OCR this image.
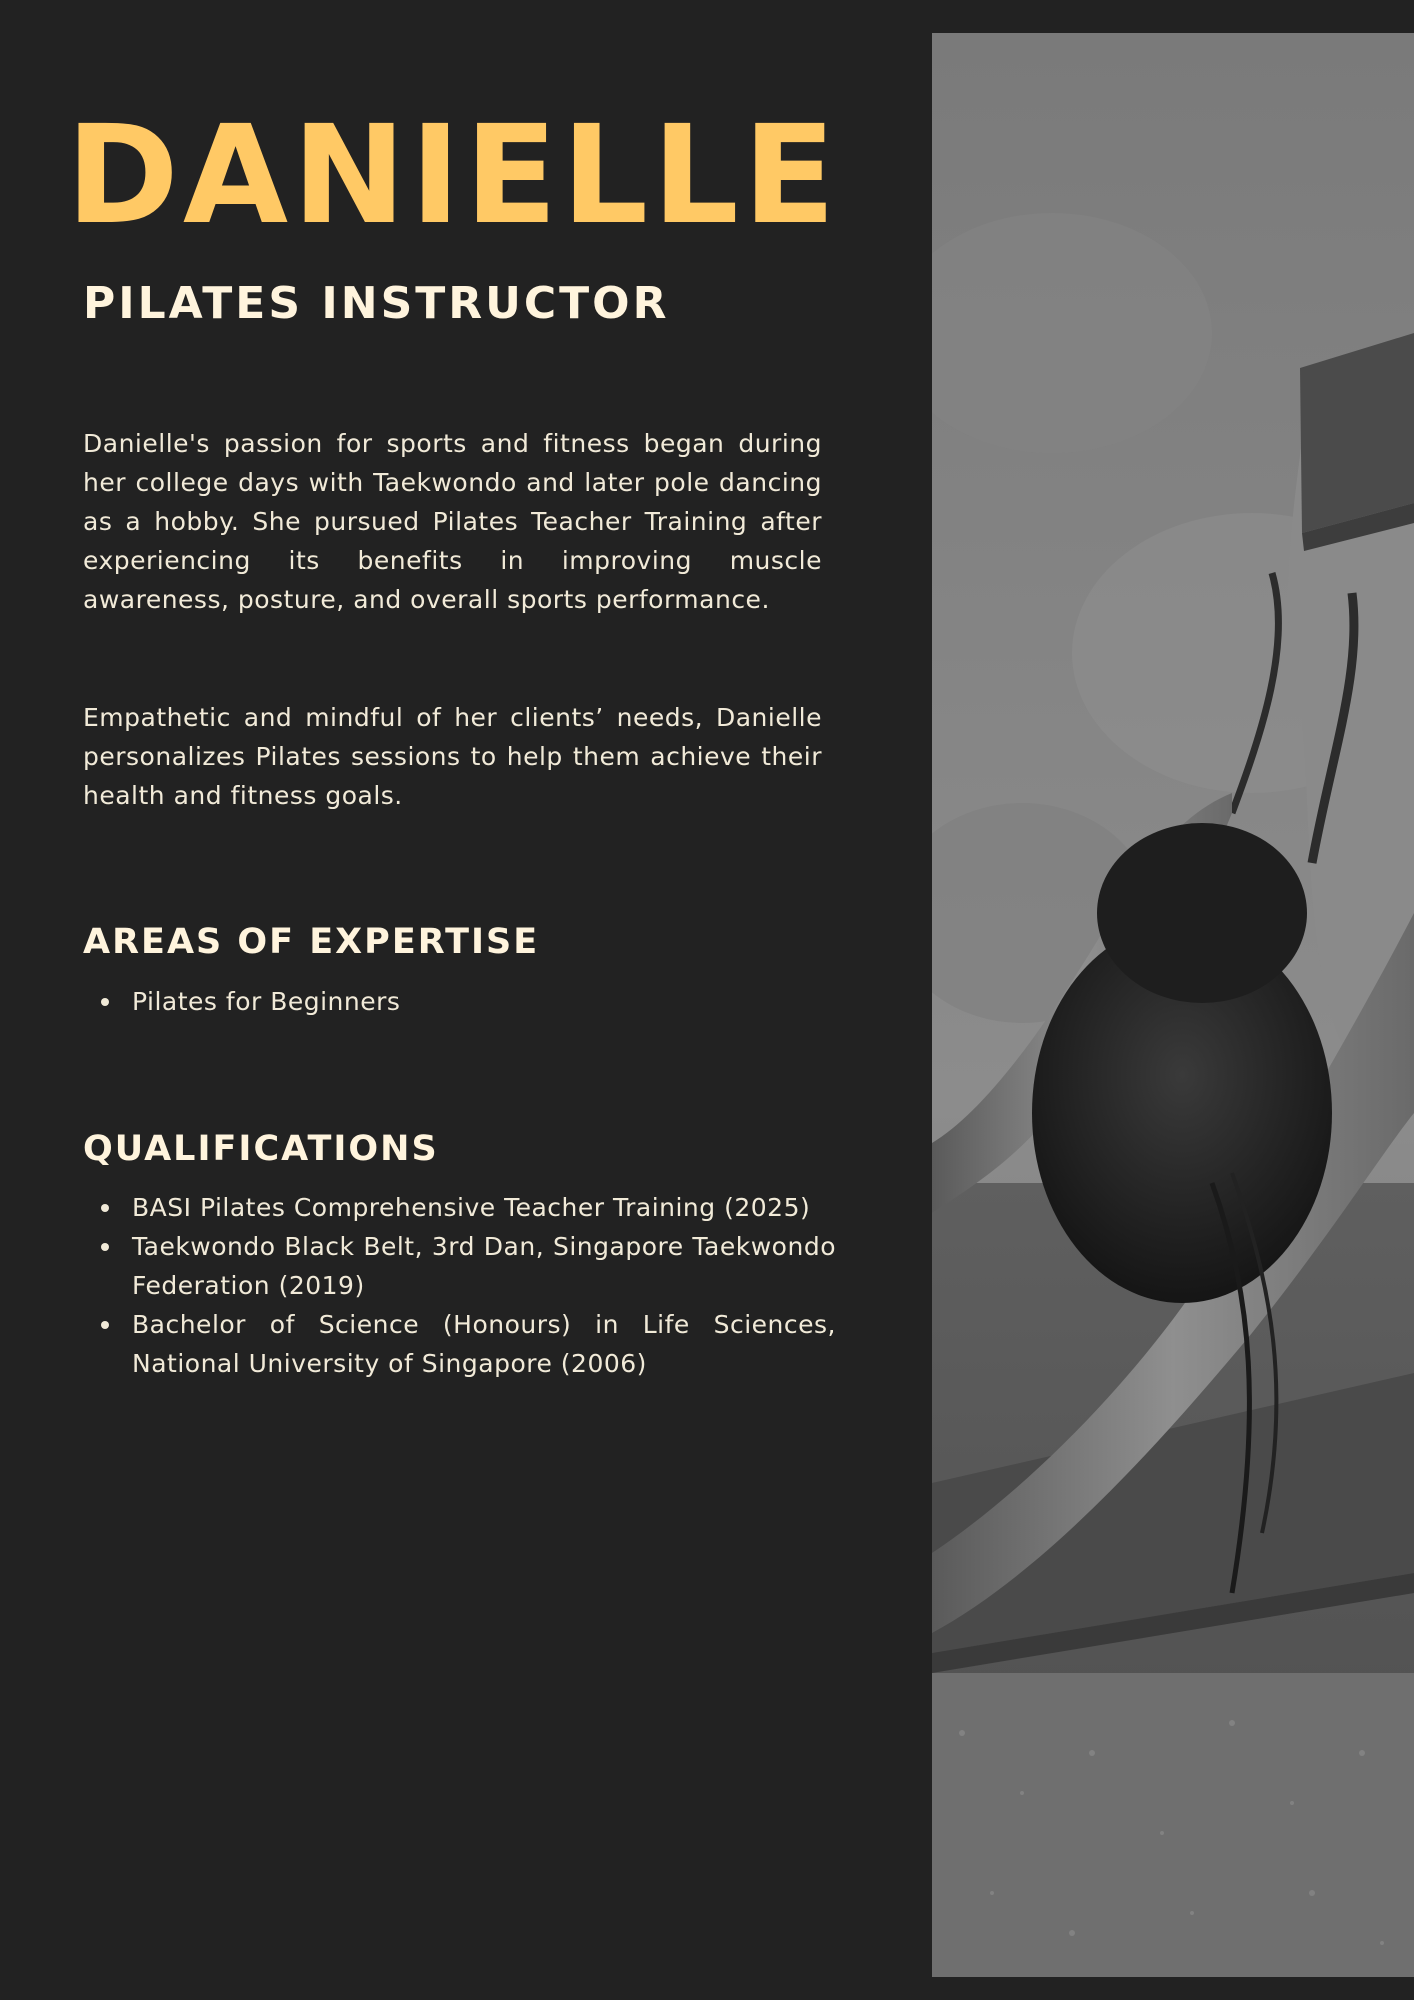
DANIELLE
PILATES INSTRUCTOR

Danielle's passion for sports and fitness began during her college days with Taekwondo and later pole dancing as a hobby. She pursued Pilates Teacher Training after experiencing its benefits in improving muscle awareness, posture, and overall sports performance.

Empathetic and mindful of her clients’ needs, Danielle personalizes Pilates sessions to help them achieve their health and fitness goals.

AREAS OF EXPERTISE
Pilates for Beginners
QUALIFICATIONS
BASI Pilates Comprehensive Teacher Training (2025)
Taekwondo Black Belt, 3rd Dan, Singapore Taekwondo Federation (2019)
Bachelor of Science (Honours) in Life Sciences, National University of Singapore (2006)
